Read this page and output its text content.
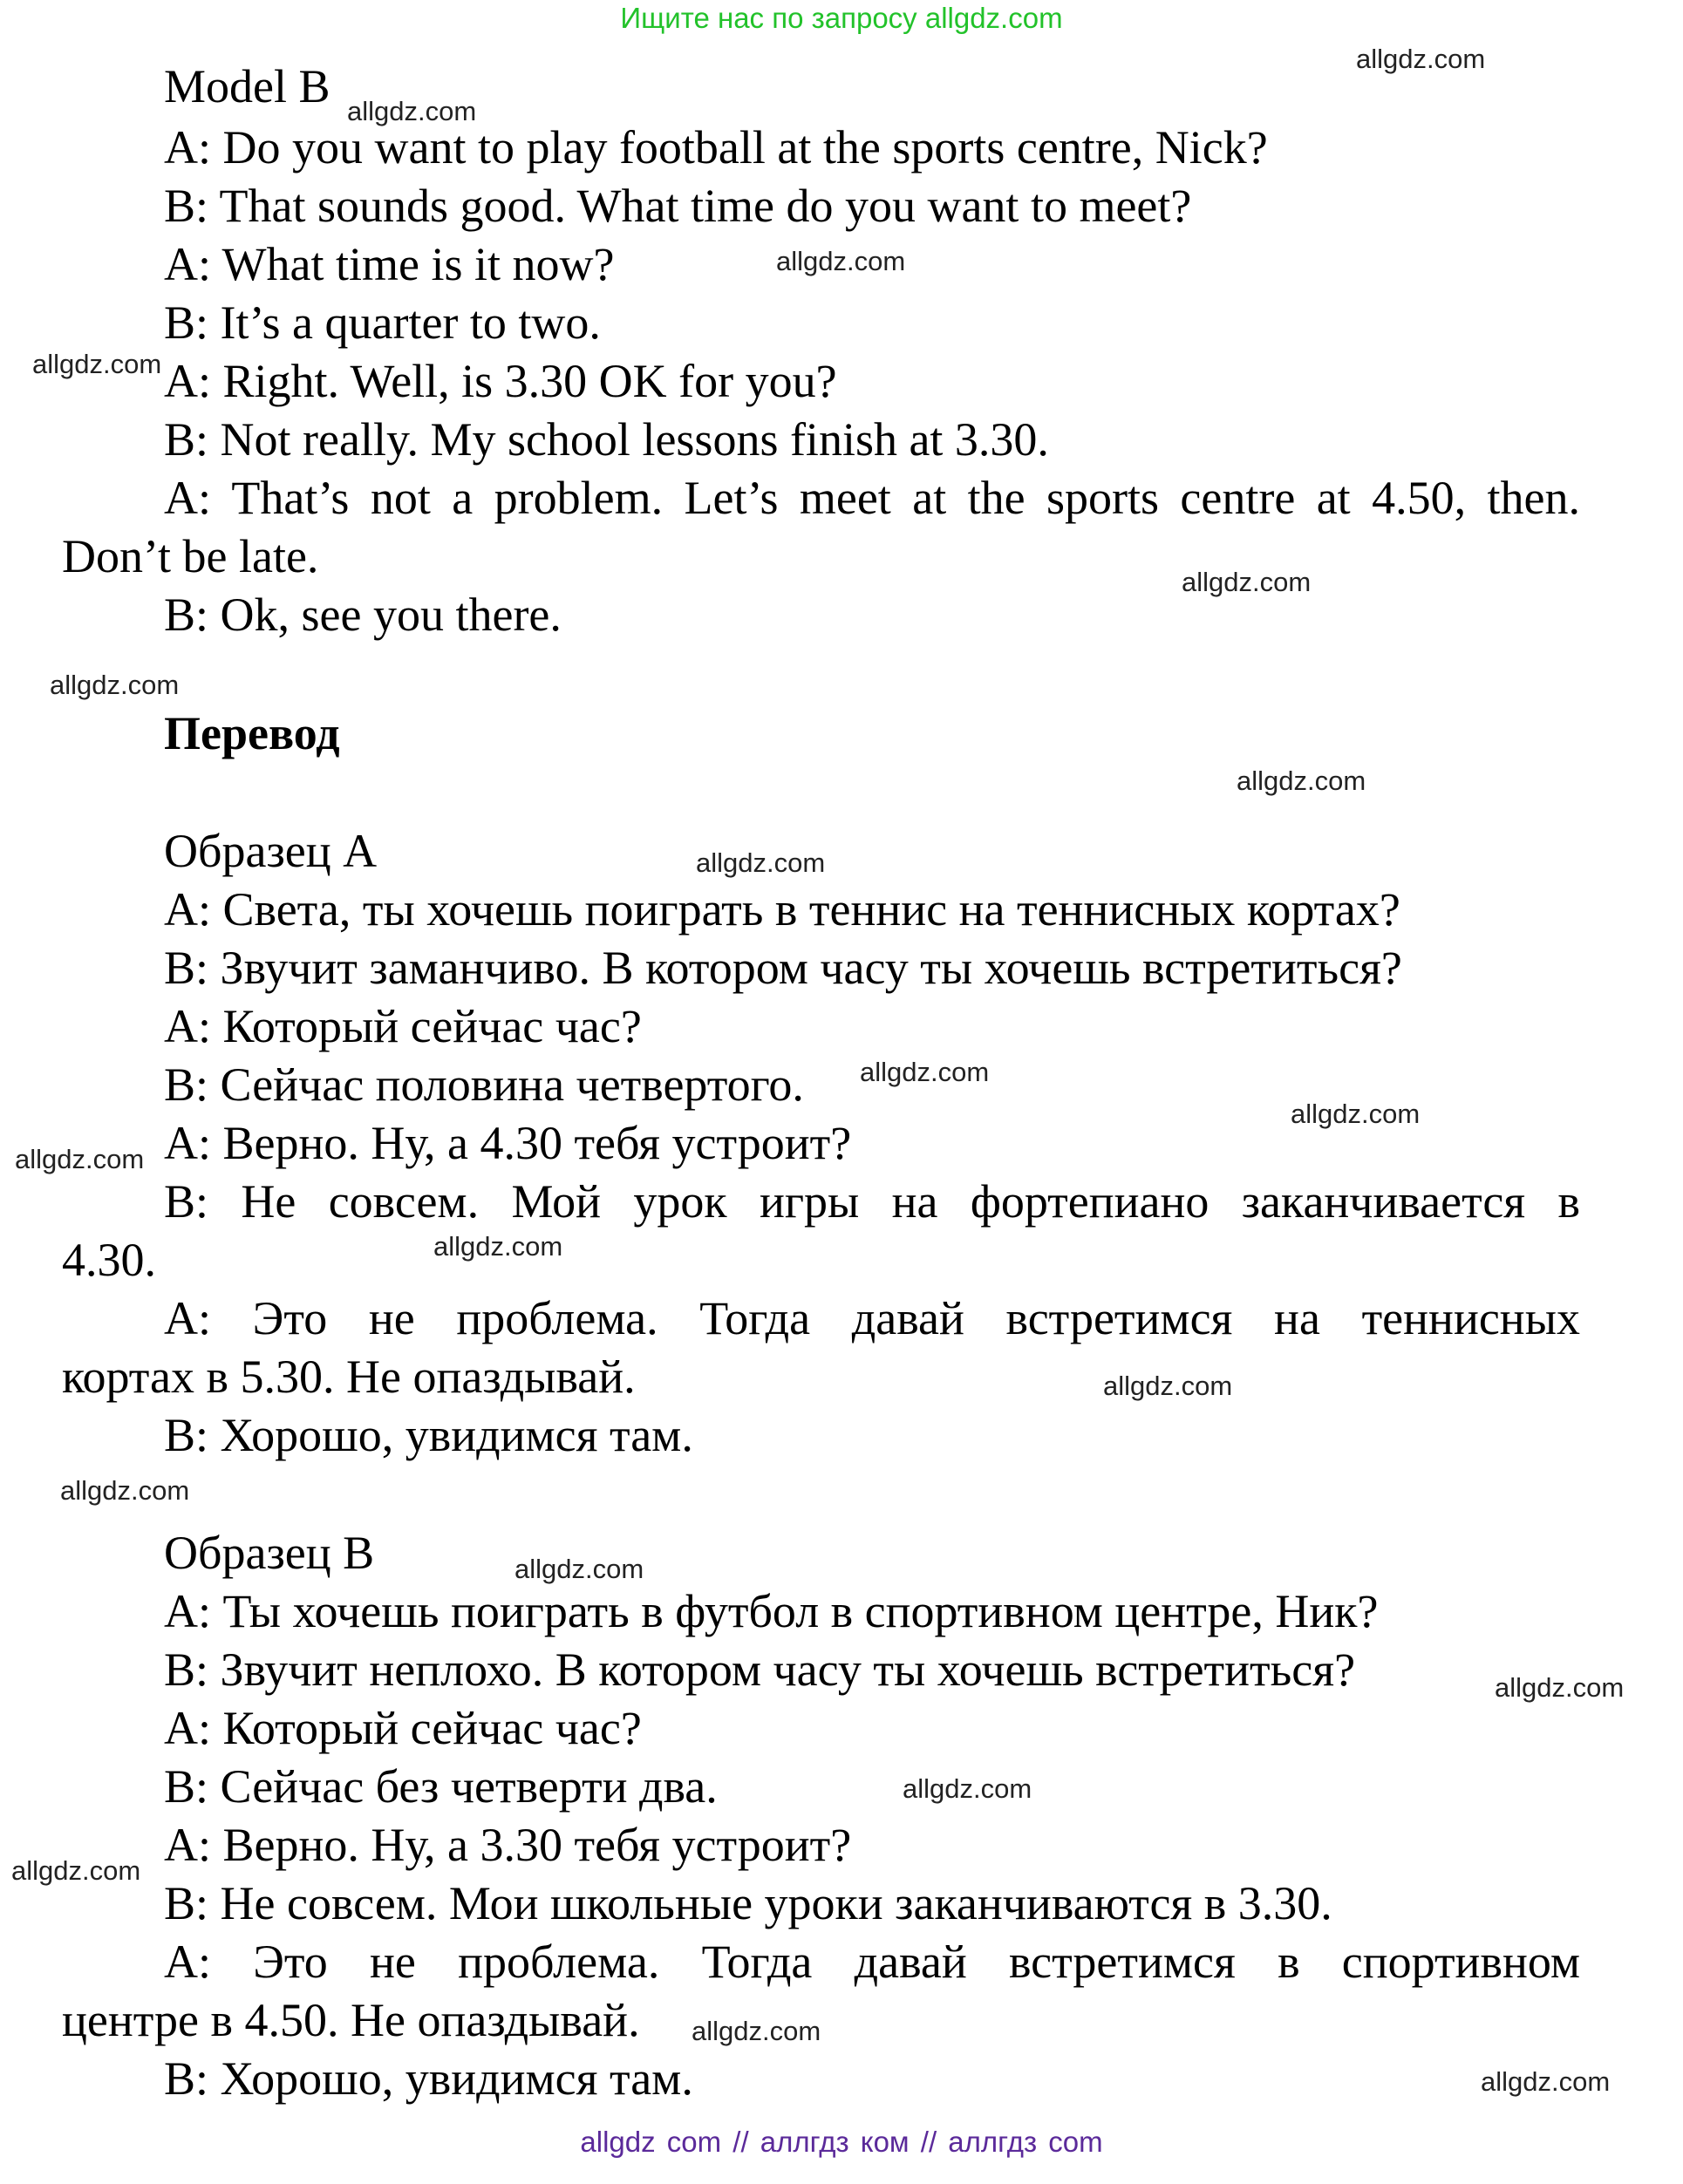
Ищите нас по запросу allgdz.com
Model B
A: Do you want to play football at the sports centre, Nick?
B: That sounds good. What time do you want to meet?
A: What time is it now?
B: It’s a quarter to two.
A: Right. Well, is 3.30 OK for you?
B: Not really. My school lessons finish at 3.30.
A: That’s not a problem. Let’s meet at the sports centre at 4.50, then.
Don’t be late.
B: Ok, see you there.
Перевод
Образец А
А: Света, ты хочешь поиграть в теннис на теннисных кортах?
В: Звучит заманчиво. В котором часу ты хочешь встретиться?
А: Который сейчас час?
В: Сейчас половина четвертого.
А: Верно. Ну, а 4.30 тебя устроит?
В: Не совсем. Мой урок игры на фортепиано заканчивается в
4.30.
А: Это не проблема. Тогда давай встретимся на теннисных
кортах в 5.30. Не опаздывай.
В: Хорошо, увидимся там.
Образец В
А: Ты хочешь поиграть в футбол в спортивном центре, Ник?
В: Звучит неплохо. В котором часу ты хочешь встретиться?
А: Который сейчас час?
В: Сейчас без четверти два.
А: Верно. Ну, а 3.30 тебя устроит?
В: Не совсем. Мои школьные уроки заканчиваются в 3.30.
А: Это не проблема. Тогда давай встретимся в спортивном
центре в 4.50. Не опаздывай.
В: Хорошо, увидимся там.
allgdz.com
allgdz.com
allgdz.com
allgdz.com
allgdz.com
allgdz.com
allgdz.com
allgdz.com
allgdz.com
allgdz.com
allgdz.com
allgdz.com
allgdz.com
allgdz.com
allgdz.com
allgdz.com
allgdz.com
allgdz.com
allgdz.com
allgdz.com
allgdz com // аллгдз ком // аллгдз com
